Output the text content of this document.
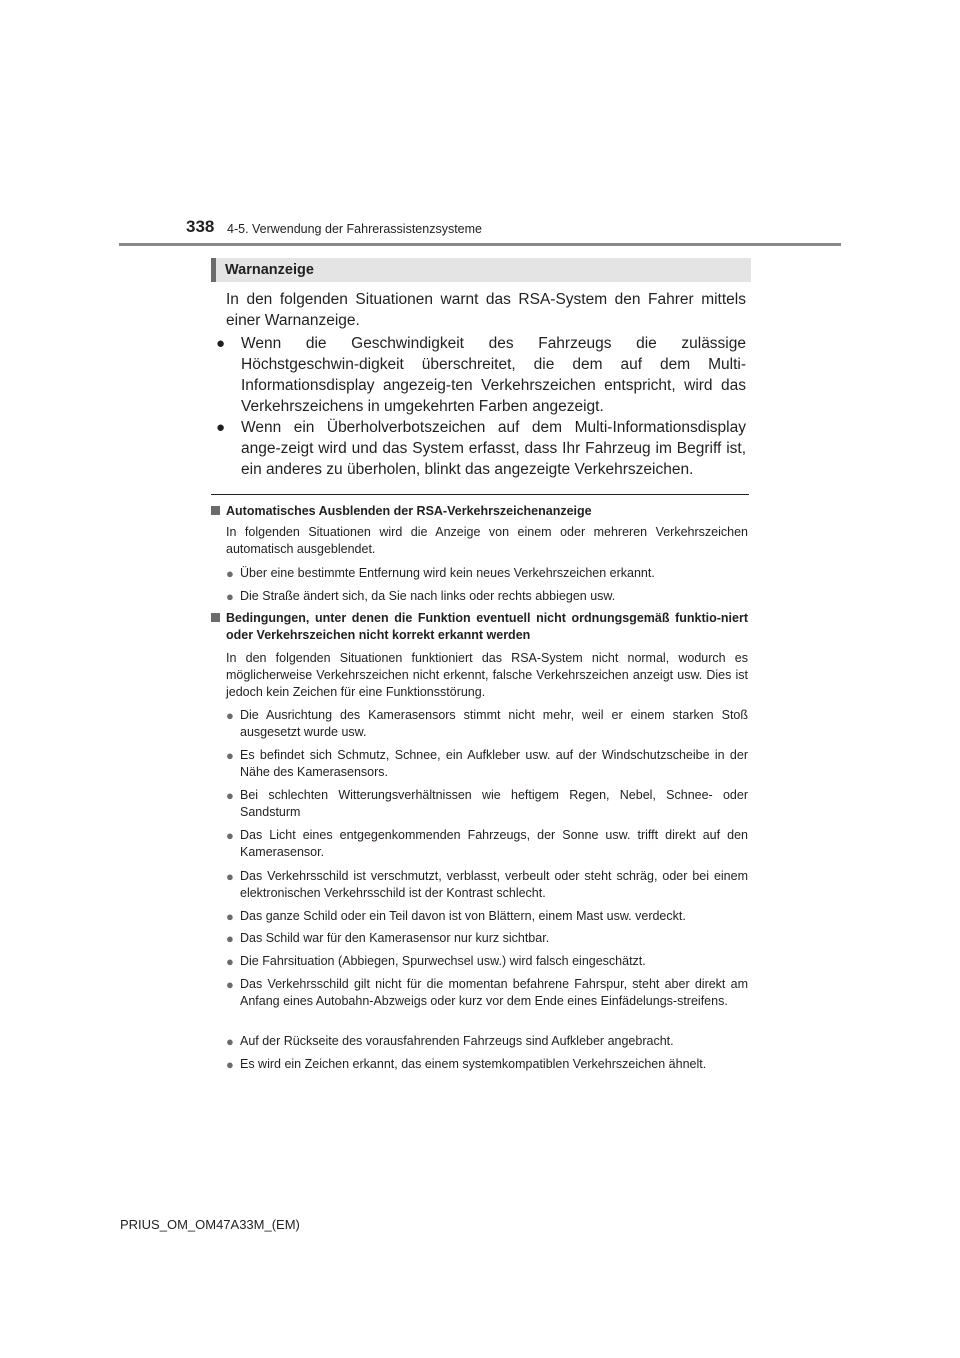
338 4-5. Verwendung der Fahrerassistenzsysteme
Warnanzeige
In den folgenden Situationen warnt das RSA-System den Fahrer mittels einer Warnanzeige.
● Wenn die Geschwindigkeit des Fahrzeugs die zulässige Höchstgeschwin-digkeit überschreitet, die dem auf dem Multi-Informationsdisplay angezeig-ten Verkehrszeichen entspricht, wird das Verkehrszeichens in umgekehrten Farben angezeigt.
● Wenn ein Überholverbotszeichen auf dem Multi-Informationsdisplay ange-zeigt wird und das System erfasst, dass Ihr Fahrzeug im Begriff ist, ein anderes zu überholen, blinkt das angezeigte Verkehrszeichen.
Automatisches Ausblenden der RSA-Verkehrszeichenanzeige
In folgenden Situationen wird die Anzeige von einem oder mehreren Verkehrszeichen automatisch ausgeblendet.
● Über eine bestimmte Entfernung wird kein neues Verkehrszeichen erkannt.
● Die Straße ändert sich, da Sie nach links oder rechts abbiegen usw.
Bedingungen, unter denen die Funktion eventuell nicht ordnungsgemäß funktio-niert oder Verkehrszeichen nicht korrekt erkannt werden
In den folgenden Situationen funktioniert das RSA-System nicht normal, wodurch es möglicherweise Verkehrszeichen nicht erkennt, falsche Verkehrszeichen anzeigt usw. Dies ist jedoch kein Zeichen für eine Funktionsstörung.
● Die Ausrichtung des Kamerasensors stimmt nicht mehr, weil er einem starken Stoß ausgesetzt wurde usw.
● Es befindet sich Schmutz, Schnee, ein Aufkleber usw. auf der Windschutzscheibe in der Nähe des Kamerasensors.
● Bei schlechten Witterungsverhältnissen wie heftigem Regen, Nebel, Schnee- oder Sandsturm
● Das Licht eines entgegenkommenden Fahrzeugs, der Sonne usw. trifft direkt auf den Kamerasensor.
● Das Verkehrsschild ist verschmutzt, verblasst, verbeult oder steht schräg, oder bei einem elektronischen Verkehrsschild ist der Kontrast schlecht.
● Das ganze Schild oder ein Teil davon ist von Blättern, einem Mast usw. verdeckt.
● Das Schild war für den Kamerasensor nur kurz sichtbar.
● Die Fahrsituation (Abbiegen, Spurwechsel usw.) wird falsch eingeschätzt.
● Das Verkehrsschild gilt nicht für die momentan befahrene Fahrspur, steht aber direkt am Anfang eines Autobahn-Abzweigs oder kurz vor dem Ende eines Einfädelungs-streifens.
● Auf der Rückseite des vorausfahrenden Fahrzeugs sind Aufkleber angebracht.
● Es wird ein Zeichen erkannt, das einem systemkompatiblen Verkehrszeichen ähnelt.
PRIUS_OM_OM47A33M_(EM)
